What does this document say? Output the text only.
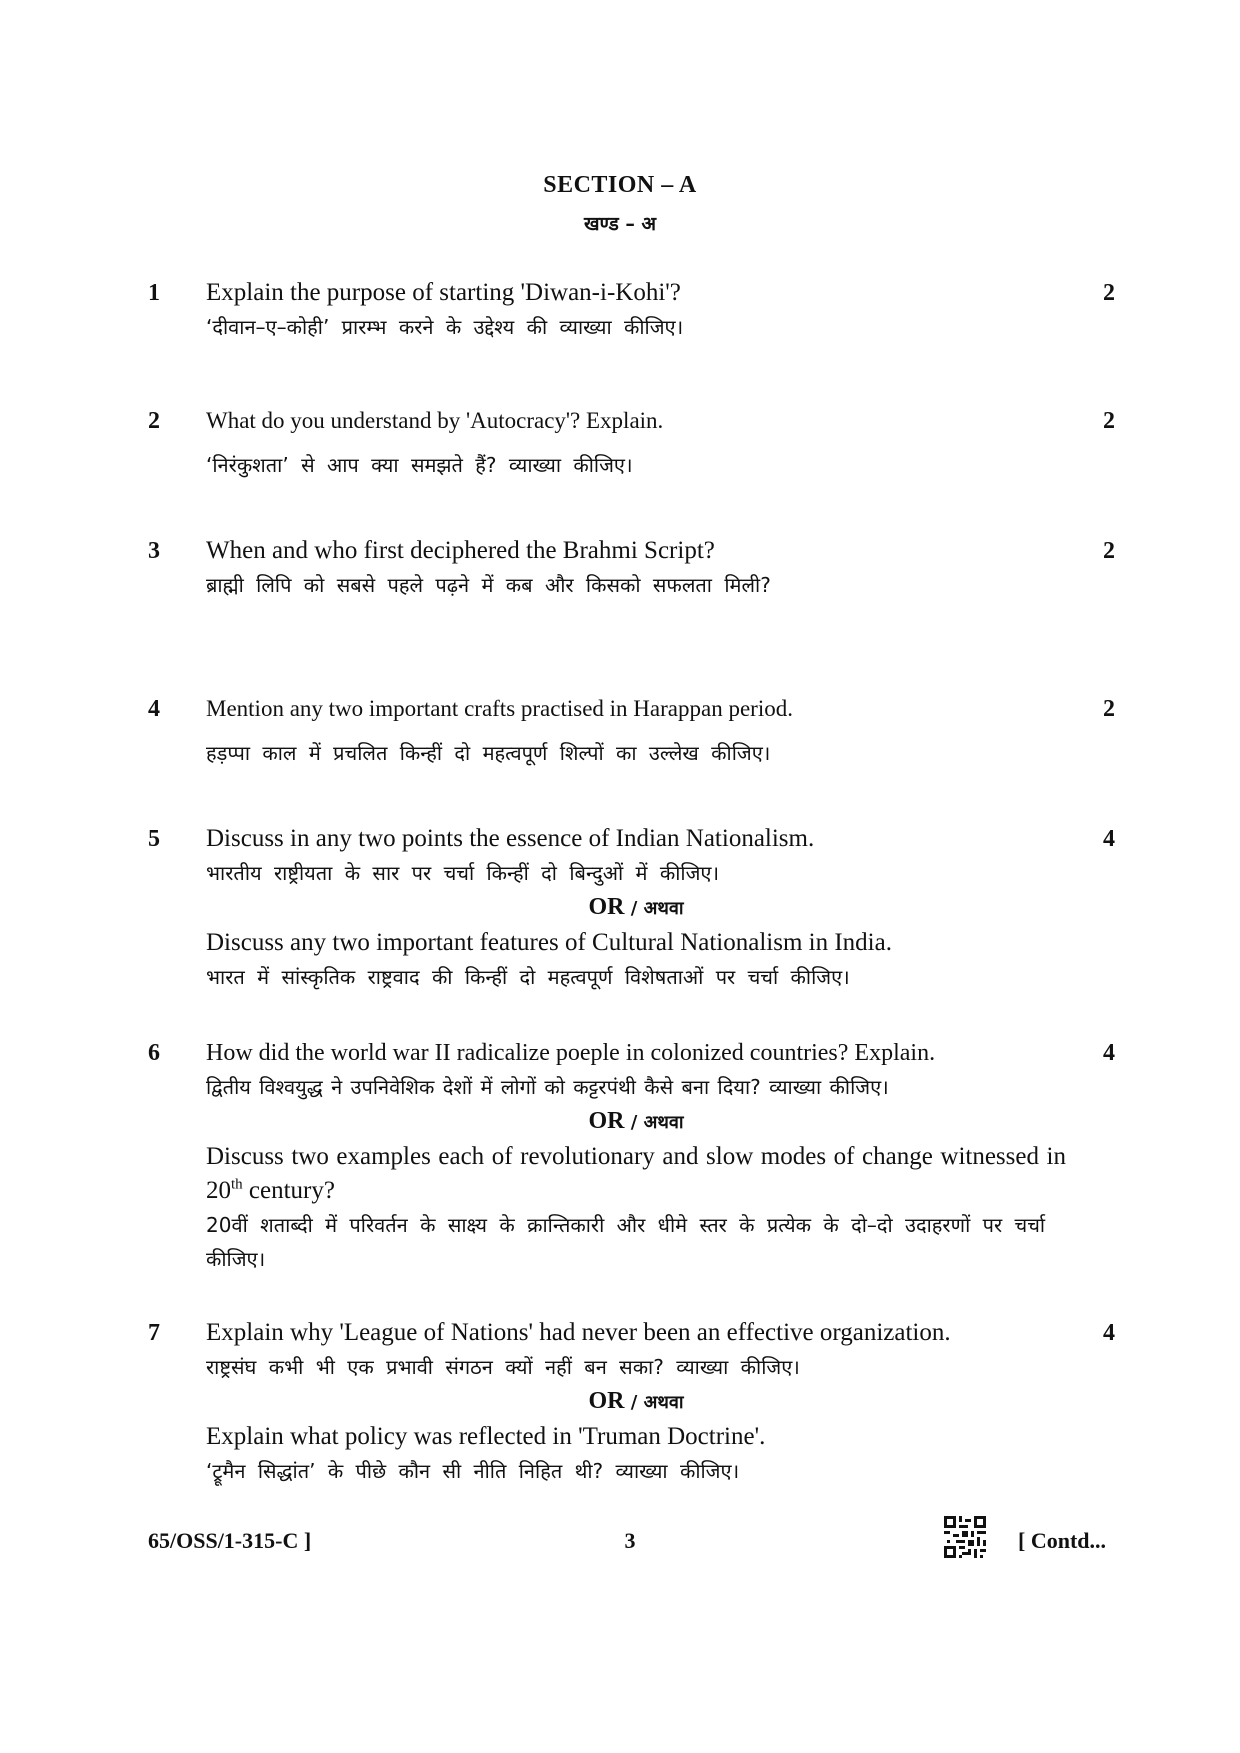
SECTION – A
खण्ड – अ
1	2
Explain the purpose of starting 'Diwan-i-Kohi'?
‘दीवान–ए–कोही’ प्रारम्भ करने के उद्देश्य की व्याख्या कीजिए।
2	2
What do you understand by 'Autocracy'? Explain.
‘निरंकुशता’ से आप क्या समझते हैं? व्याख्या कीजिए।
3	2
When and who first deciphered the Brahmi Script?
ब्राह्मी लिपि को सबसे पहले पढ़ने में कब और किसको सफलता मिली?
4	2
Mention any two important crafts practised in Harappan period.
हड़प्पा काल में प्रचलित किन्हीं दो महत्वपूर्ण शिल्पों का उल्लेख कीजिए।
5	4
Discuss in any two points the essence of Indian Nationalism.
भारतीय राष्ट्रीयता के सार पर चर्चा किन्हीं दो बिन्दुओं में कीजिए।
OR / अथवा
Discuss any two important features of Cultural Nationalism in India.
भारत में सांस्कृतिक राष्ट्रवाद की किन्हीं दो महत्वपूर्ण विशेषताओं पर चर्चा कीजिए।
6	4
How did the world war II radicalize poeple in colonized countries? Explain.
द्वितीय विश्वयुद्ध ने उपनिवेशिक देशों में लोगों को कट्टरपंथी कैसे बना दिया? व्याख्या कीजिए।
OR / अथवा
Discuss two examples each of revolutionary and slow modes of change witnessed in 20th century?
20वीं शताब्दी में परिवर्तन के साक्ष्य के क्रान्तिकारी और धीमे स्तर के प्रत्येक के दो–दो उदाहरणों पर चर्चा कीजिए।
7	4
Explain why 'League of Nations' had never been an effective organization.
राष्ट्रसंघ कभी भी एक प्रभावी संगठन क्यों नहीं बन सका? व्याख्या कीजिए।
OR / अथवा
Explain what policy was reflected in 'Truman Doctrine'.
‘ट्रूमैन सिद्धांत’ के पीछे कौन सी नीति निहित थी? व्याख्या कीजिए।
65/OSS/1-315-C ]	3	[ Contd...
